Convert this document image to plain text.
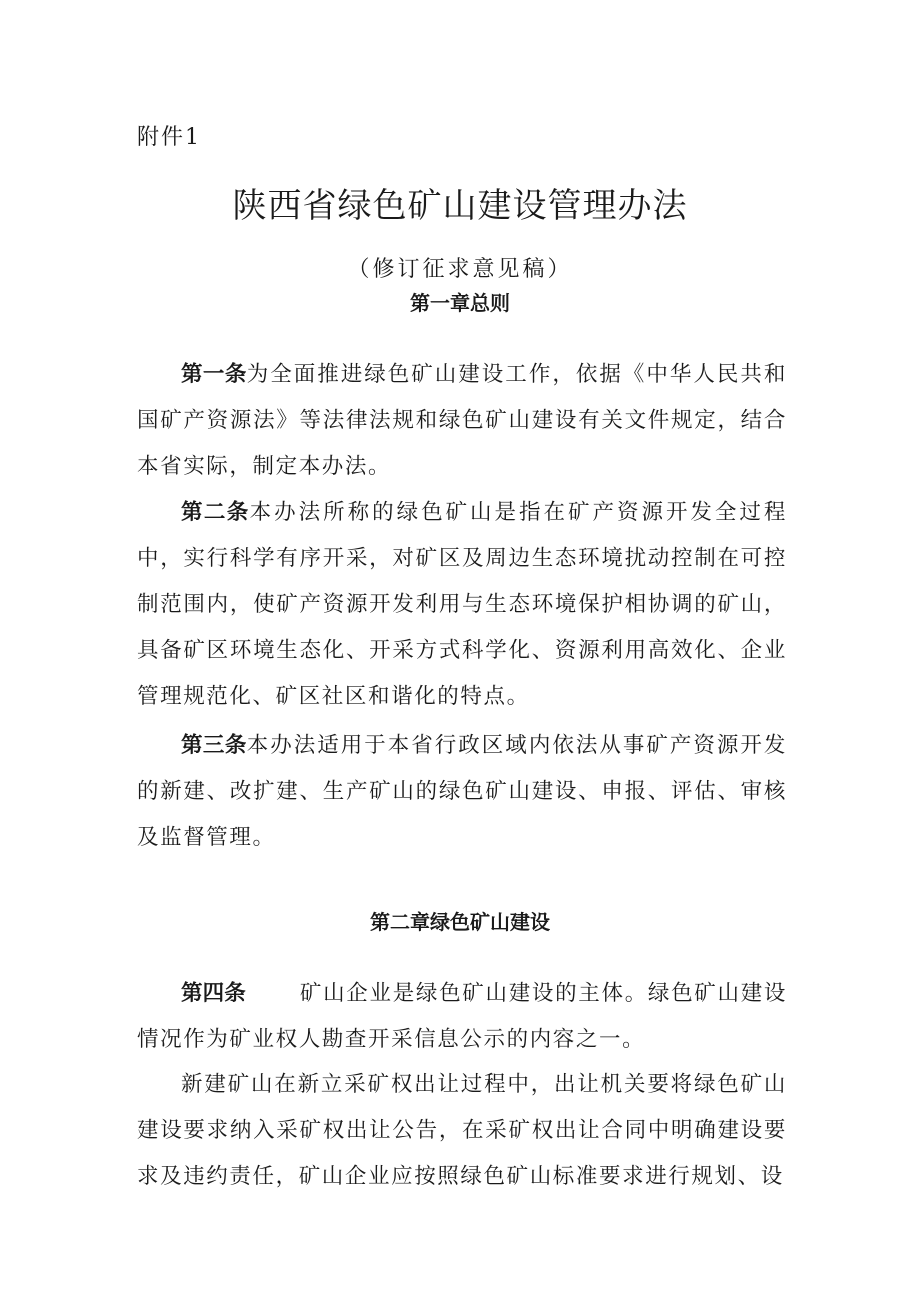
附件1
陕西省绿色矿山建设管理办法
（修订征求意见稿）
第一章总则
第一条为全面推进绿色矿山建设工作，依据《中华人民共和国矿产资源法》等法律法规和绿色矿山建设有关文件规定，结合本省实际，制定本办法。
第二条本办法所称的绿色矿山是指在矿产资源开发全过程中，实行科学有序开采，对矿区及周边生态环境扰动控制在可控制范围内，使矿产资源开发利用与生态环境保护相协调的矿山，具备矿区环境生态化、开采方式科学化、资源利用高效化、企业管理规范化、矿区社区和谐化的特点。
第三条本办法适用于本省行政区域内依法从事矿产资源开发的新建、改扩建、生产矿山的绿色矿山建设、申报、评估、审核及监督管理。
第二章绿色矿山建设
第四条	矿山企业是绿色矿山建设的主体。绿色矿山建设情况作为矿业权人勘查开采信息公示的内容之一。
新建矿山在新立采矿权出让过程中，出让机关要将绿色矿山建设要求纳入采矿权出让公告，在采矿权出让合同中明确建设要求及违约责任，矿山企业应按照绿色矿山标准要求进行规划、设
